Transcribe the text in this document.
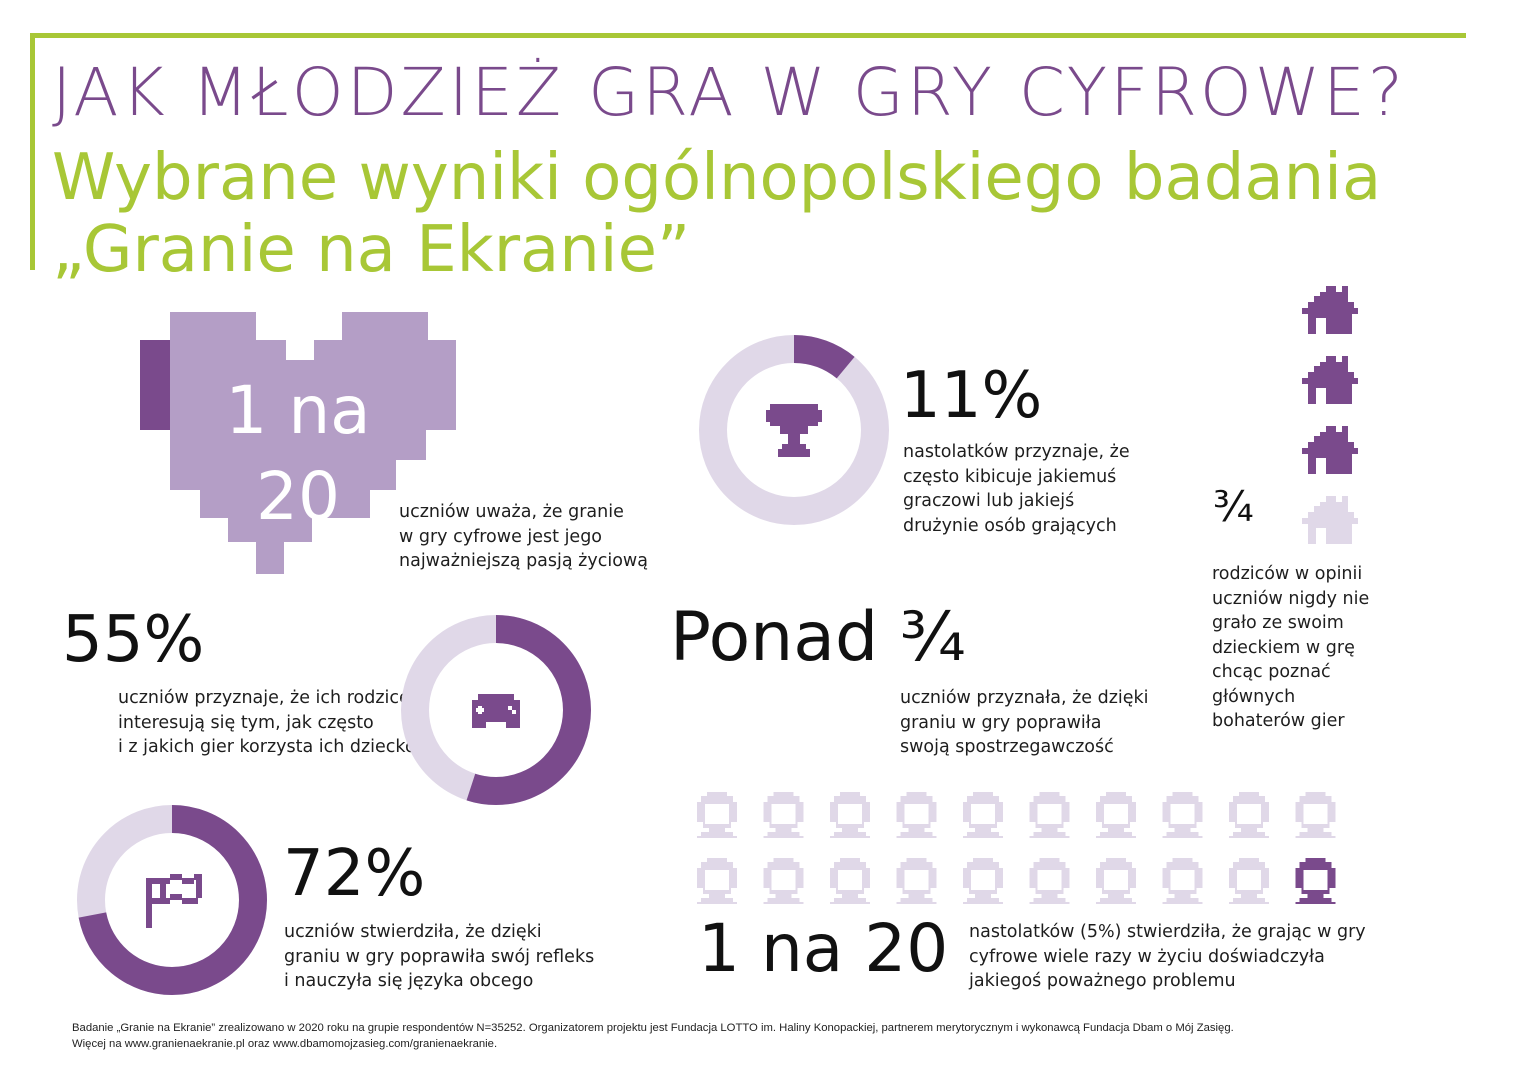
JAK MŁODZIEŻ GRA W GRY CYFROWE?
Wybrane wyniki ogólnopolskiego badania
„Granie na Ekranie”
1 na
20	uczniów uważa, że granie
w gry cyfrowe jest jego
najważniejszą pasją życiową
11%
nastolatków przyznaje, że
często kibicuje jakiemuś
graczowi lub jakiejś
drużynie osób grających	¾
rodziców w opinii
uczniów nigdy nie
grało ze swoim
dzieckiem w grę
chcąc poznać
głównych
bohaterów gier
55%
uczniów przyznaje, że ich rodzice
interesują się tym, jak często
i z jakich gier korzysta ich dziecko
Ponad ¾
uczniów przyznała, że dzięki
graniu w gry poprawiła
swoją spostrzegawczość
72%
uczniów stwierdziła, że dzięki
graniu w gry poprawiła swój refleks
i nauczyła się języka obcego	1 na 20 nastolatków (5%) stwierdziła, że grając w gry
cyfrowe wiele razy w życiu doświadczyła
jakiegoś poważnego problemu
Badanie „Granie na Ekranie” zrealizowano w 2020 roku na grupie respondentów N=35252. Organizatorem projektu jest Fundacja LOTTO im. Haliny Konopackiej, partnerem merytorycznym i wykonawcą Fundacja Dbam o Mój Zasięg.
Więcej na www.granienaekranie.pl oraz www.dbamomojzasieg.com/granienaekranie.
